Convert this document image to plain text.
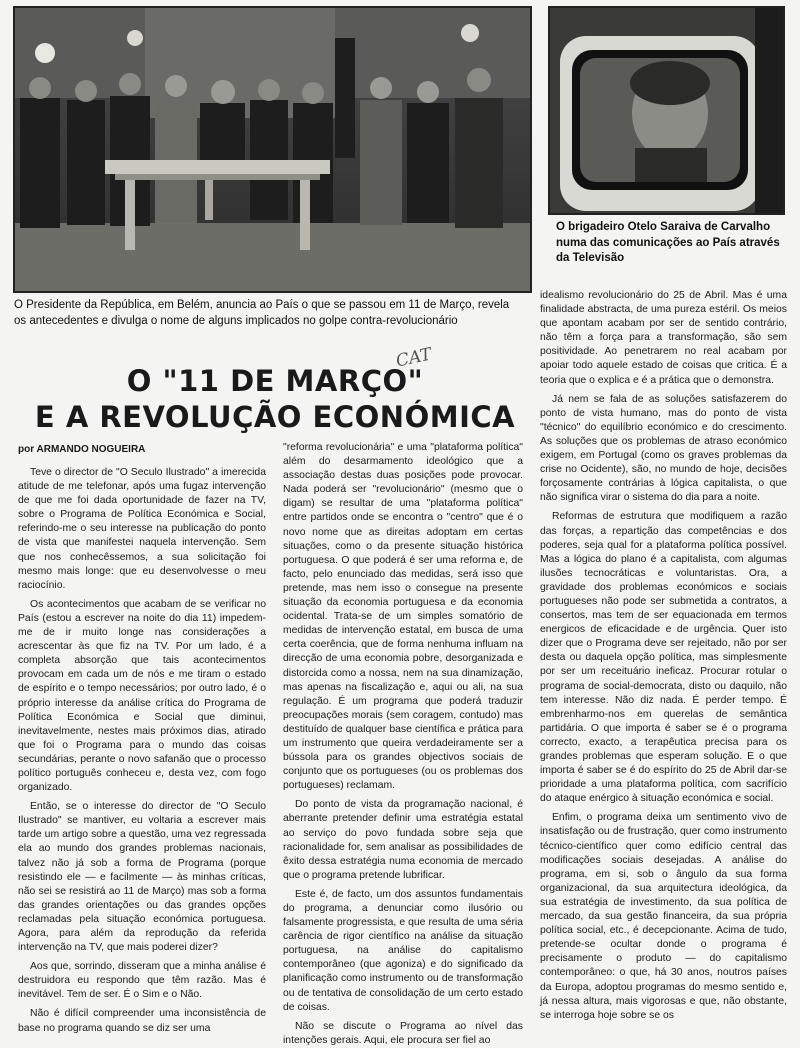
O Presidente da República, em Belém, anuncia ao País o que se passou em 11 de Março, revela os antecedentes e divulga o nome de alguns implicados no golpe contra-revolucionário

O brigadeiro Otelo Saraiva de Carvalho numa das comunicações ao País através da Televisão

O "11 DE MARÇO"
E A REVOLUÇÃO ECONÓMICA
CAT

por ARMANDO NOGUEIRA

Teve o director de "O Seculo Ilustrado" a imerecida atitude de me telefonar, após uma fugaz intervenção de que me foi dada oportunidade de fazer na TV, sobre o Programa de Política Económica e Social, referindo-me o seu interesse na publicação do ponto de vista que manifestei naquela intervenção. Sem que nos conhecêssemos, a sua solicitação foi mesmo mais longe: que eu desenvolvesse o meu raciocínio.

Os acontecimentos que acabam de se verificar no País (estou a escrever na noite do dia 11) impedem-me de ir muito longe nas considerações a acrescentar às que fiz na TV. Por um lado, é a completa absorção que tais acontecimentos provocam em cada um de nós e me tiram o estado de espírito e o tempo necessários; por outro lado, é o próprio interesse da análise crítica do Programa de Política Económica e Social que diminui, inevitavelmente, nestes mais próximos dias, atirado que foi o Programa para o mundo das coisas secundárias, perante o novo safanão que o processo político português conheceu e, desta vez, com fogo organizado.

Então, se o interesse do director de "O Seculo Ilustrado" se mantiver, eu voltaria a escrever mais tarde um artigo sobre a questão, uma vez regressada ela ao mundo dos grandes problemas nacionais, talvez não já sob a forma de Programa (porque resistindo ele — e facilmente — às minhas críticas, não sei se resistirá ao 11 de Março) mas sob a forma das grandes orientações ou das grandes opções reclamadas pela situação económica portuguesa. Agora, para além da reprodução da referida intervenção na TV, que mais poderei dizer?

Aos que, sorrindo, disseram que a minha análise é destruidora eu respondo que têm razão. Mas é inevitável. Tem de ser. É o Sim e o Não.

Não é difícil compreender uma inconsistência de base no programa quando se diz ser uma

"reforma revolucionária" e uma "plataforma política" além do desarmamento ideológico que a associação destas duas posições pode provocar. Nada poderá ser "revolucionário" (mesmo que o digam) se resultar de uma "plataforma política" entre partidos onde se encontra o "centro" que é o novo nome que as direitas adoptam em certas situações, como o da presente situação histórica portuguesa. O que poderá é ser uma reforma e, de facto, pelo enunciado das medidas, será isso que pretende, mas nem isso o consegue na presente situação da economia portuguesa e da economia ocidental. Trata-se de um simples somatório de medidas de intervenção estatal, em busca de uma certa coerência, que de forma nenhuma influam na direcção de uma economia pobre, desorganizada e distorcida como a nossa, nem na sua dinamização, mas apenas na fiscalização e, aqui ou ali, na sua regulação. É um programa que poderá traduzir preocupações morais (sem coragem, contudo) mas destituído de qualquer base científica e prática para um instrumento que queira verdadeiramente ser a bússola para os grandes objectivos sociais de conjunto que os portugueses (ou os problemas dos portugueses) reclamam.

Do ponto de vista da programação nacional, é aberrante pretender definir uma estratégia estatal ao serviço do povo fundada sobre seja que racionalidade for, sem analisar as possibilidades de êxito dessa estratégia numa economia de mercado que o programa pretende lubrificar.

Este é, de facto, um dos assuntos fundamentais do programa, a denunciar como ilusório ou falsamente progressista, e que resulta de uma séria carência de rigor científico na análise da situação portuguesa, na análise do capitalismo contemporâneo (que agoniza) e do significado da planificação como instrumento ou de transformação ou de tentativa de consolidação de um certo estado de coisas.

Não se discute o Programa ao nível das intenções gerais. Aqui, ele procura ser fiel ao

idealismo revolucionário do 25 de Abril. Mas é uma finalidade abstracta, de uma pureza estéril. Os meios que apontam acabam por ser de sentido contrário, não têm a força para a transformação, são sem positividade. Ao penetrarem no real acabam por apoiar todo aquele estado de coisas que critica. É a teoria que o explica e é a prática que o demonstra.

Já nem se fala de as soluções satisfazerem do ponto de vista humano, mas do ponto de vista "técnico" do equilíbrio económico e do crescimento. As soluções que os problemas de atraso económico exigem, em Portugal (como os graves problemas da crise no Ocidente), são, no mundo de hoje, decisões forçosamente contrárias à lógica capitalista, o que não significa virar o sistema do dia para a noite.

Reformas de estrutura que modifiquem a razão das forças, a repartição das competências e dos poderes, seja qual for a plataforma política possível. Mas a lógica do plano é a capitalista, com algumas ilusões tecnocráticas e voluntaristas. Ora, a gravidade dos problemas económicos e sociais portugueses não pode ser submetida a contratos, a consertos, mas tem de ser equacionada em termos energicos de eficacidade e de urgência. Quer isto dizer que o Programa deve ser rejeitado, não por ser desta ou daquela opção política, mas simplesmente por ser um receituário ineficaz. Procurar rotular o programa de social-democrata, disto ou daquilo, não tem interesse. Não diz nada. É perder tempo. É embrenharmo-nos em querelas de semântica partidária. O que importa é saber se é o programa correcto, exacto, a terapêutica precisa para os grandes problemas que esperam solução. E o que importa é saber se é do espírito do 25 de Abril dar-se prioridade a uma plataforma política, com sacrifício do ataque enérgico à situação económica e social.

Enfim, o programa deixa um sentimento vivo de insatisfação ou de frustração, quer como instrumento técnico-científico quer como edifício central das modificações sociais desejadas. A análise do programa, em si, sob o ângulo da sua forma organizacional, da sua arquitectura ideológica, da sua estratégia de investimento, da sua política de mercado, da sua gestão financeira, da sua própria política social, etc., é decepcionante. Acima de tudo, pretende-se ocultar donde o programa é precisamente o produto — do capitalismo contemporâneo: o que, há 30 anos, noutros países da Europa, adoptou programas do mesmo sentido e, já nessa altura, mais vigorosas e que, não obstante, se interroga hoje sobre se os
